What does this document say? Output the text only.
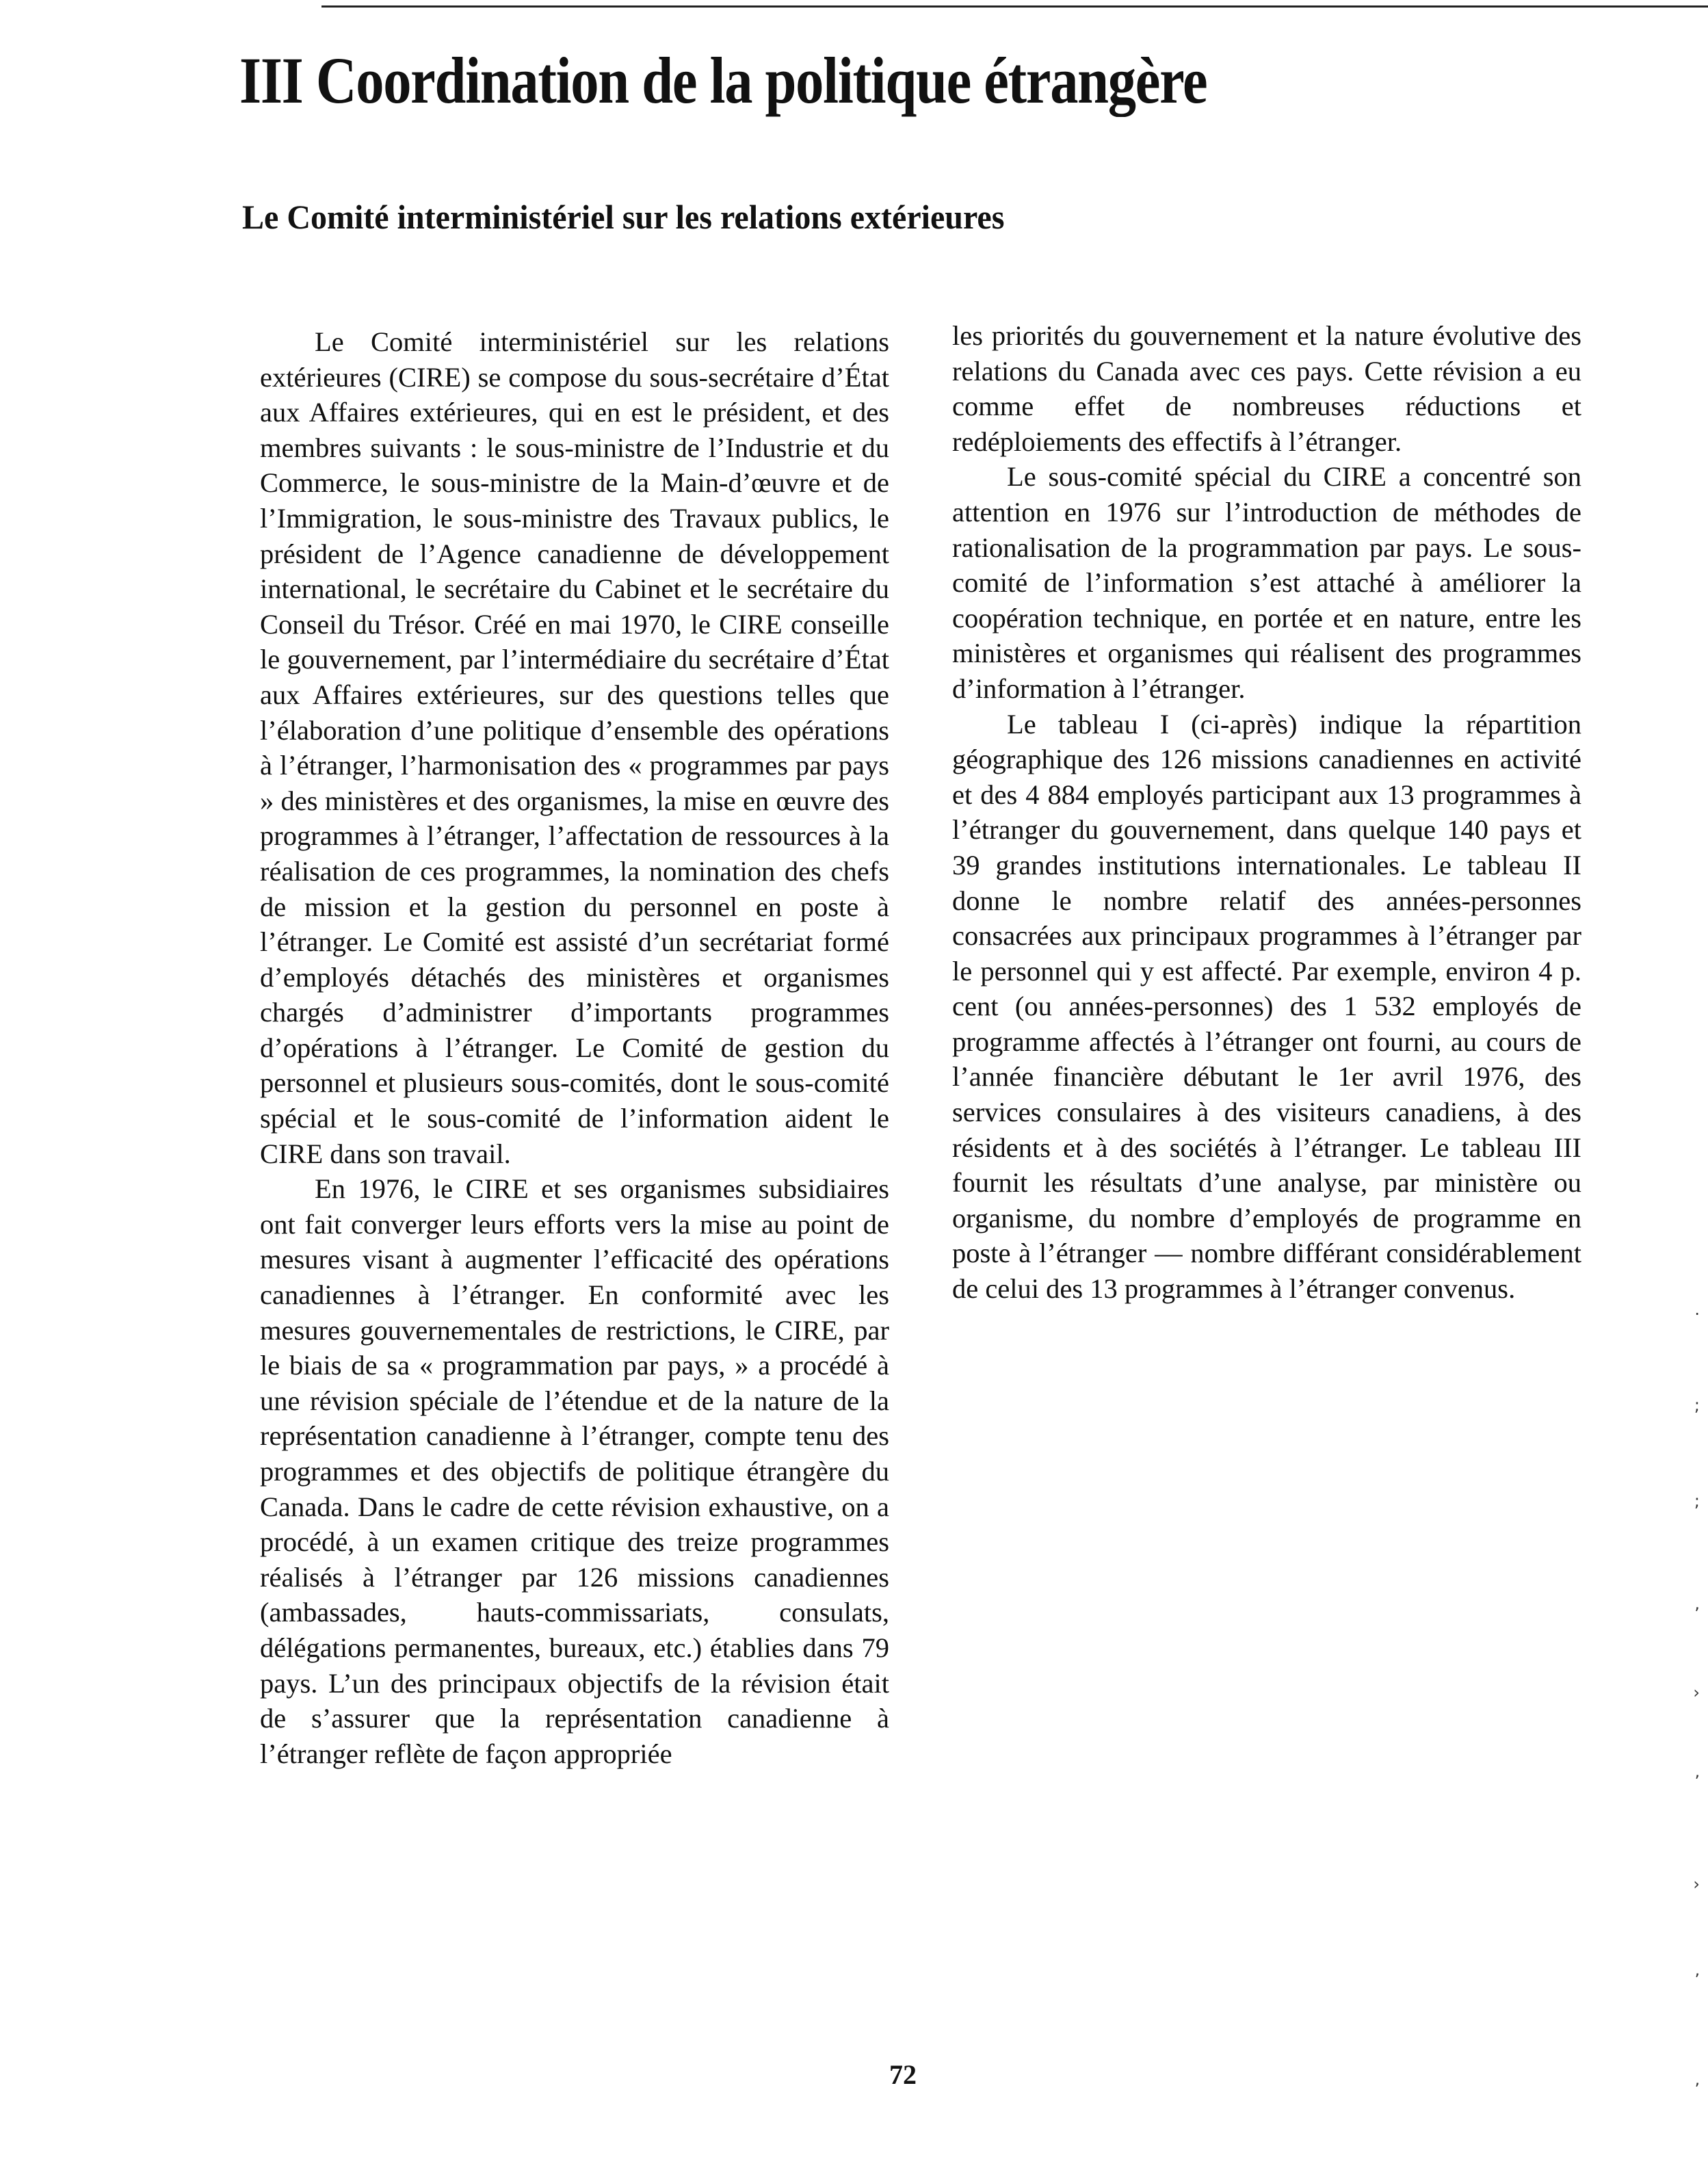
III Coordination de la politique étrangère
Le Comité interministériel sur les relations extérieures

Le Comité interministériel sur les relations extérieures (CIRE) se compose du sous-secrétaire d’État aux Affaires extérieures, qui en est le président, et des membres suivants : le sous-ministre de l’Industrie et du Commerce, le sous-ministre de la Main-d’œuvre et de l’Immigration, le sous-ministre des Travaux publics, le président de l’Agence canadienne de développement international, le secrétaire du Cabinet et le secrétaire du Conseil du Trésor. Créé en mai 1970, le CIRE conseille le gouvernement, par l’intermédiaire du secrétaire d’État aux Affaires extérieures, sur des questions telles que l’élaboration d’une politique d’ensemble des opérations à l’étranger, l’harmonisation des « programmes par pays » des ministères et des organismes, la mise en œuvre des programmes à l’étranger, l’affectation de ressources à la réalisation de ces programmes, la nomination des chefs de mission et la gestion du personnel en poste à l’étranger. Le Comité est assisté d’un secrétariat formé d’employés détachés des ministères et organismes chargés d’administrer d’importants programmes d’opérations à l’étranger. Le Comité de gestion du personnel et plusieurs sous-comités, dont le sous-comité spécial et le sous-comité de l’information aident le CIRE dans son travail.

En 1976, le CIRE et ses organismes subsidiaires ont fait converger leurs efforts vers la mise au point de mesures visant à augmenter l’efficacité des opérations canadiennes à l’étranger. En conformité avec les mesures gouvernementales de restrictions, le CIRE, par le biais de sa « programmation par pays, » a procédé à une révision spéciale de l’étendue et de la nature de la représentation canadienne à l’étranger, compte tenu des programmes et des objectifs de politique étrangère du Canada. Dans le cadre de cette révision exhaustive, on a procédé, à un examen critique des treize programmes réalisés à l’étranger par 126 missions canadiennes (ambassades, hauts-commissariats, consulats, délégations permanentes, bureaux, etc.) établies dans 79 pays. L’un des principaux objectifs de la révision était de s’assurer que la représentation canadienne à l’étranger reflète de façon appropriée

les priorités du gouvernement et la nature évolutive des relations du Canada avec ces pays. Cette révision a eu comme effet de nombreuses réductions et redéploiements des effectifs à l’étranger.

Le sous-comité spécial du CIRE a concentré son attention en 1976 sur l’introduction de méthodes de rationalisation de la programmation par pays. Le sous-comité de l’information s’est attaché à améliorer la coopération technique, en portée et en nature, entre les ministères et organismes qui réalisent des programmes d’information à l’étranger.

Le tableau I (ci-après) indique la répartition géographique des 126 missions canadiennes en activité et des 4 884 employés participant aux 13 programmes à l’étranger du gouvernement, dans quelque 140 pays et 39 grandes institutions internationales. Le tableau II donne le nombre relatif des années-personnes consacrées aux principaux programmes à l’étranger par le personnel qui y est affecté. Par exemple, environ 4 p. cent (ou années-personnes) des 1 532 employés de programme affectés à l’étranger ont fourni, au cours de l’année financière débutant le 1er avril 1976, des services consulaires à des visiteurs canadiens, à des résidents et à des sociétés à l’étranger. Le tableau III fournit les résultats d’une analyse, par ministère ou organisme, du nombre d’employés de programme en poste à l’étranger — nombre différant considérablement de celui des 13 programmes à l’étranger convenus.

72
.
;
;
,
›
’
›
’
’
